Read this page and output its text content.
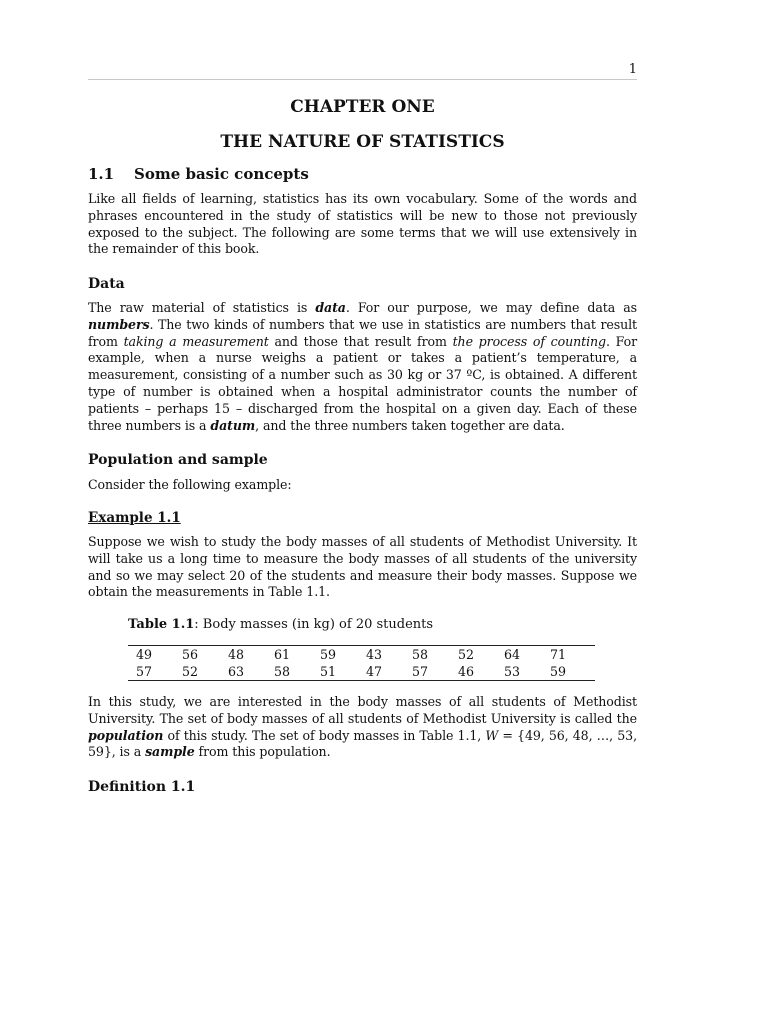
1
CHAPTER ONE
THE NATURE OF STATISTICS
1.1 Some basic concepts

Like all fields of learning, statistics has its own vocabulary. Some of the words and phrases encountered in the study of statistics will be new to those not previously exposed to the subject. The following are some terms that we will use extensively in the remainder of this book.

Data

The raw material of statistics is data. For our purpose, we may define data as numbers. The two kinds of numbers that we use in statistics are numbers that result from taking a measurement and those that result from the process of counting. For example, when a nurse weighs a patient or takes a patient’s temperature, a measurement, consisting of a number such as 30 kg or 37 ºC, is obtained. A different type of number is obtained when a hospital administrator counts the number of patients – perhaps 15 – discharged from the hospital on a given day. Each of these three numbers is a datum, and the three numbers taken together are data.

Population and sample

Consider the following example:

Example 1.1

Suppose we wish to study the body masses of all students of Methodist University. It will take us a long time to measure the body masses of all students of the university and so we may select 20 of the students and measure their body masses. Suppose we obtain the measurements in Table 1.1.

Table 1.1: Body masses (in kg) of 20 students
49	56	48	61	59	43	58	52	64	71
57	52	63	58	51	47	57	46	53	59

In this study, we are interested in the body masses of all students of Methodist University. The set of body masses of all students of Methodist University is called the population of this study. The set of body masses in Table 1.1, W = {49, 56, 48, …, 53, 59}, is a sample from this population.

Definition 1.1
